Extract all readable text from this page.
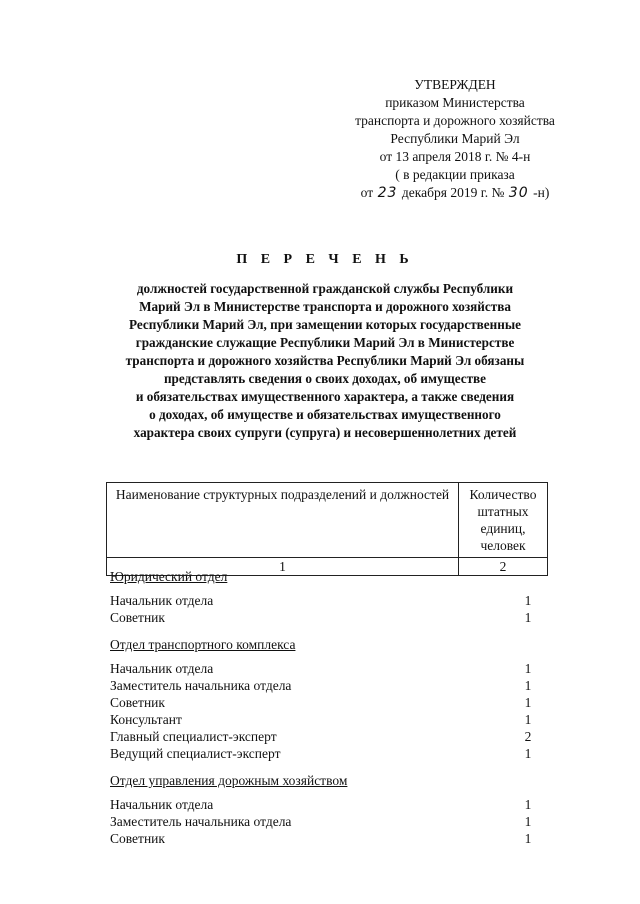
УТВЕРЖДЕН
приказом Министерства
транспорта и дорожного хозяйства
Республики Марий Эл
от 13 апреля 2018 г. № 4-н
( в редакции приказа
от 23 декабря 2019 г. № 30 -н)
П Е Р Е Ч Е Н Ь
должностей государственной гражданской службы Республики
Марий Эл в Министерстве транспорта и дорожного хозяйства
Республики Марий Эл, при замещении которых государственные
гражданские служащие Республики Марий Эл в Министерстве
транспорта и дорожного хозяйства Республики Марий Эл обязаны
представлять сведения о своих доходах, об имуществе
и обязательствах имущественного характера, а также сведения
о доходах, об имуществе и обязательствах имущественного
характера своих супруги (супруга) и несовершеннолетних детей
Наименование структурных подразделений и должностей	Количество штатных единиц, человек
1	2
Юридический отдел
Начальник отдела	1
Советник	1
Отдел транспортного комплекса
Начальник отдела	1
Заместитель начальника отдела	1
Советник	1
Консультант	1
Главный специалист-эксперт	2
Ведущий специалист-эксперт	1
Отдел управления дорожным хозяйством
Начальник отдела	1
Заместитель начальника отдела	1
Советник	1
